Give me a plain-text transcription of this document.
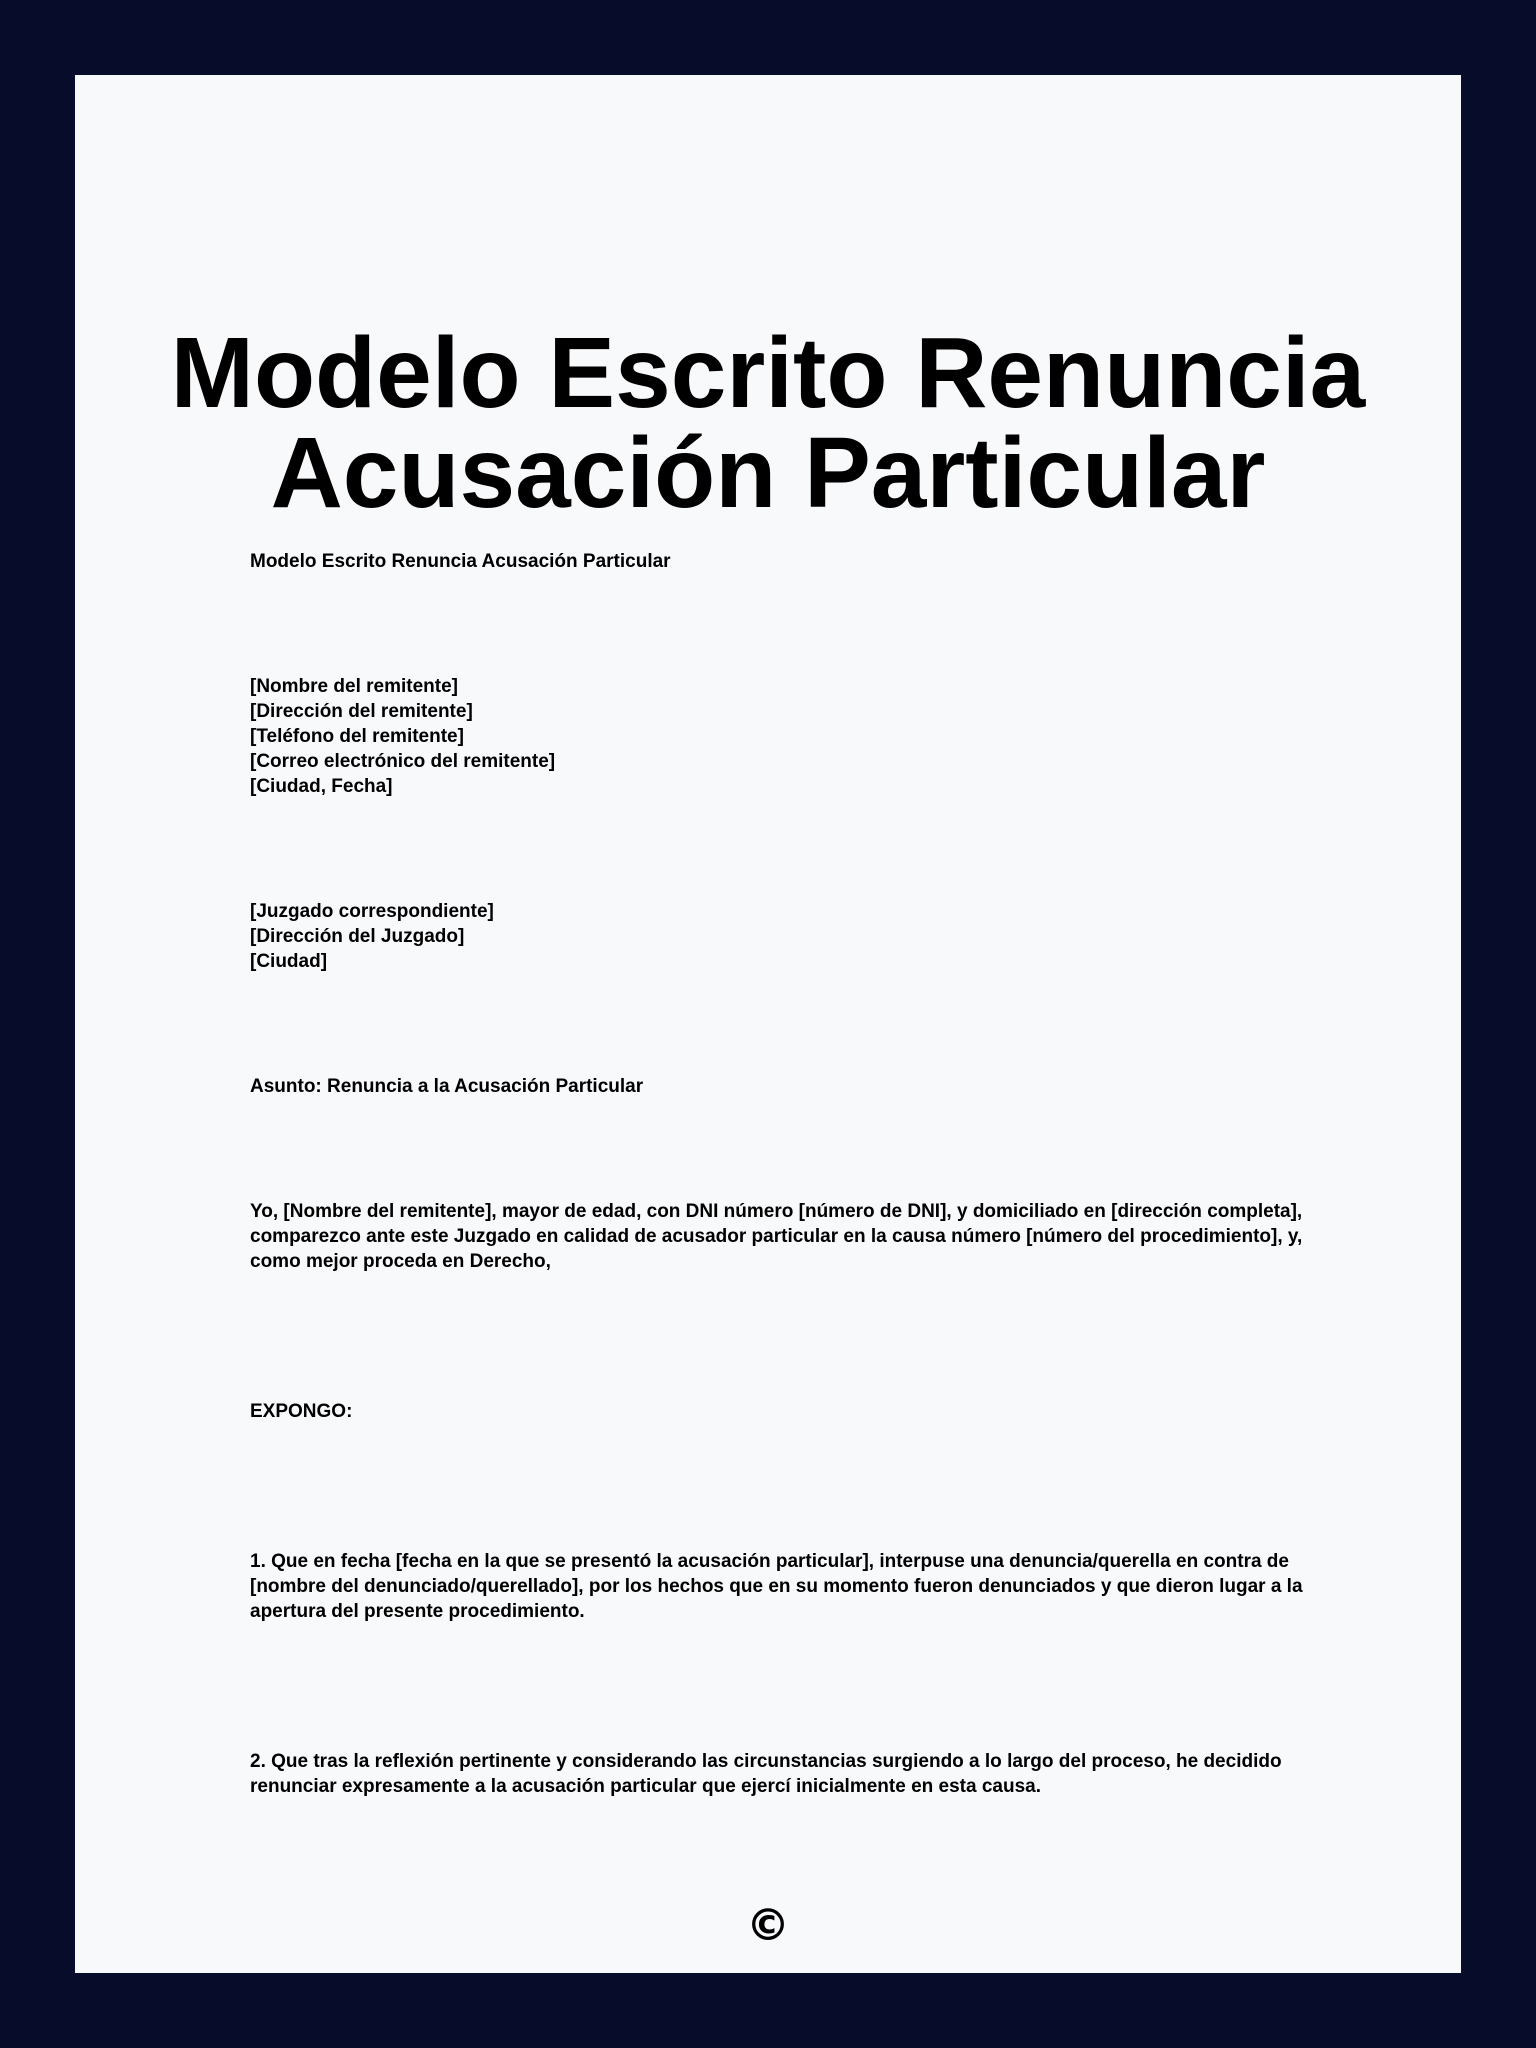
Modelo Escrito Renuncia
Acusación Particular

Modelo Escrito Renuncia Acusación Particular

[Nombre del remitente]
[Dirección del remitente]
[Teléfono del remitente]
[Correo electrónico del remitente]
[Ciudad, Fecha]

[Juzgado correspondiente]
[Dirección del Juzgado]
[Ciudad]

Asunto: Renuncia a la Acusación Particular

Yo, [Nombre del remitente], mayor de edad, con DNI número [número de DNI], y domiciliado en [dirección completa], comparezco ante este Juzgado en calidad de acusador particular en la causa número [número del procedimiento], y, como mejor proceda en Derecho,

EXPONGO:

1. Que en fecha [fecha en la que se presentó la acusación particular], interpuse una denuncia/querella en contra de [nombre del denunciado/querellado], por los hechos que en su momento fueron denunciados y que dieron lugar a la apertura del presente procedimiento.

2. Que tras la reflexión pertinente y considerando las circunstancias surgiendo a lo largo del proceso, he decidido renunciar expresamente a la acusación particular que ejercí inicialmente en esta causa.

©
